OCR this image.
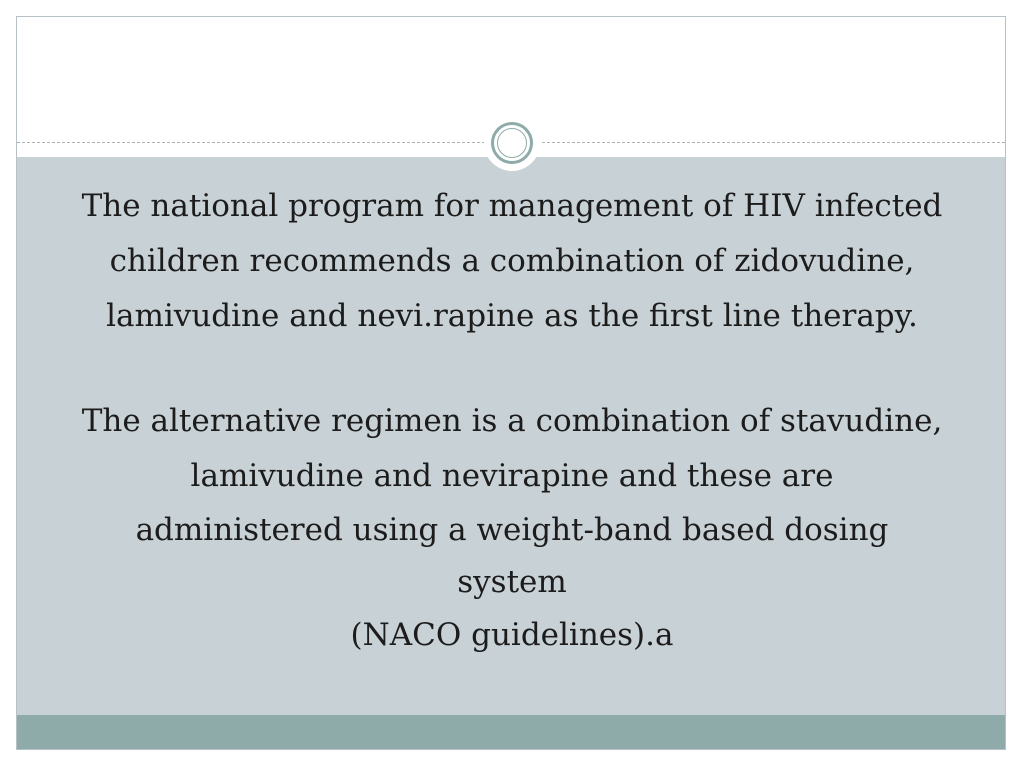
The national program for management of HIV infected
children recommends a combination of zidovudine,
lamivudine and nevi.rapine as the first line therapy.

The alternative regimen is a combination of stavudine,
lamivudine and nevirapine and these are
administered using a weight-band based dosing
system
(NACO guidelines).a
